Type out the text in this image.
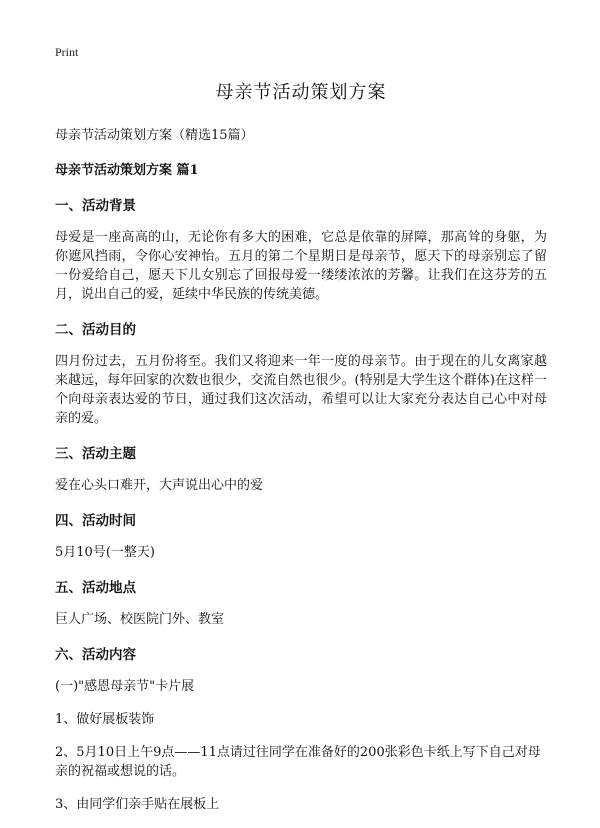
Print
母亲节活动策划方案

母亲节活动策划方案（精选15篇）

母亲节活动策划方案 篇1

一、活动背景

母爱是一座高高的山，无论你有多大的困难，它总是依靠的屏障，那高耸的身躯，为你遮风挡雨，令你心安神怡。五月的第二个星期日是母亲节，愿天下的母亲别忘了留一份爱给自己，愿天下儿女别忘了回报母爱一缕缕浓浓的芳馨。让我们在这芬芳的五月，说出自己的爱，延续中华民族的传统美德。

二、活动目的

四月份过去，五月份将至。我们又将迎来一年一度的母亲节。由于现在的儿女离家越来越远，每年回家的次数也很少，交流自然也很少。(特别是大学生这个群体)在这样一个向母亲表达爱的节日，通过我们这次活动，希望可以让大家充分表达自己心中对母亲的爱。

三、活动主题

爱在心头口难开，大声说出心中的爱

四、活动时间

5月10号(一整天)

五、活动地点

巨人广场、校医院门外、教室

六、活动内容

(一)"感恩母亲节"卡片展

1、做好展板装饰

2、5月10日上午9点——11点请过往同学在准备好的200张彩色卡纸上写下自己对母亲的祝福或想说的话。

3、由同学们亲手贴在展板上
